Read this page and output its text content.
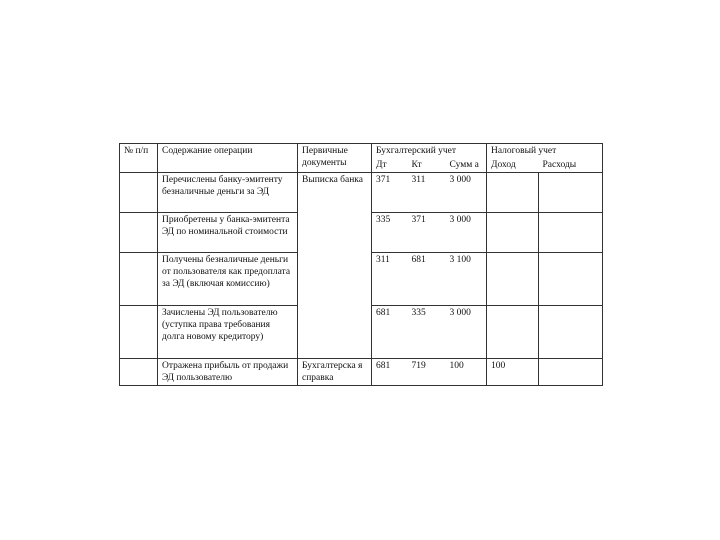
№ п/п	Содержание операции	Первичные документы	Бухгалтерский учет			Налоговый учет	
			Дт	Кт	Сумм а	Доход	Расходы
	Перечислены банку-эмитенту безналичные деньги за ЭД	Выписка банка	371	311	3 000		
	Приобретены у банка-эмитента ЭД по номинальной стоимости		335	371	3 000		
	Получены безналичные деньги от пользователя как предоплата за ЭД (включая комиссию)		311	681	3 100		
	Зачислены ЭД пользователю (уступка права требования долга новому кредитору)		681	335	3 000		
	Отражена прибыль от продажи ЭД пользователю	Бухгалтерска я справка	681	719	100	100	
